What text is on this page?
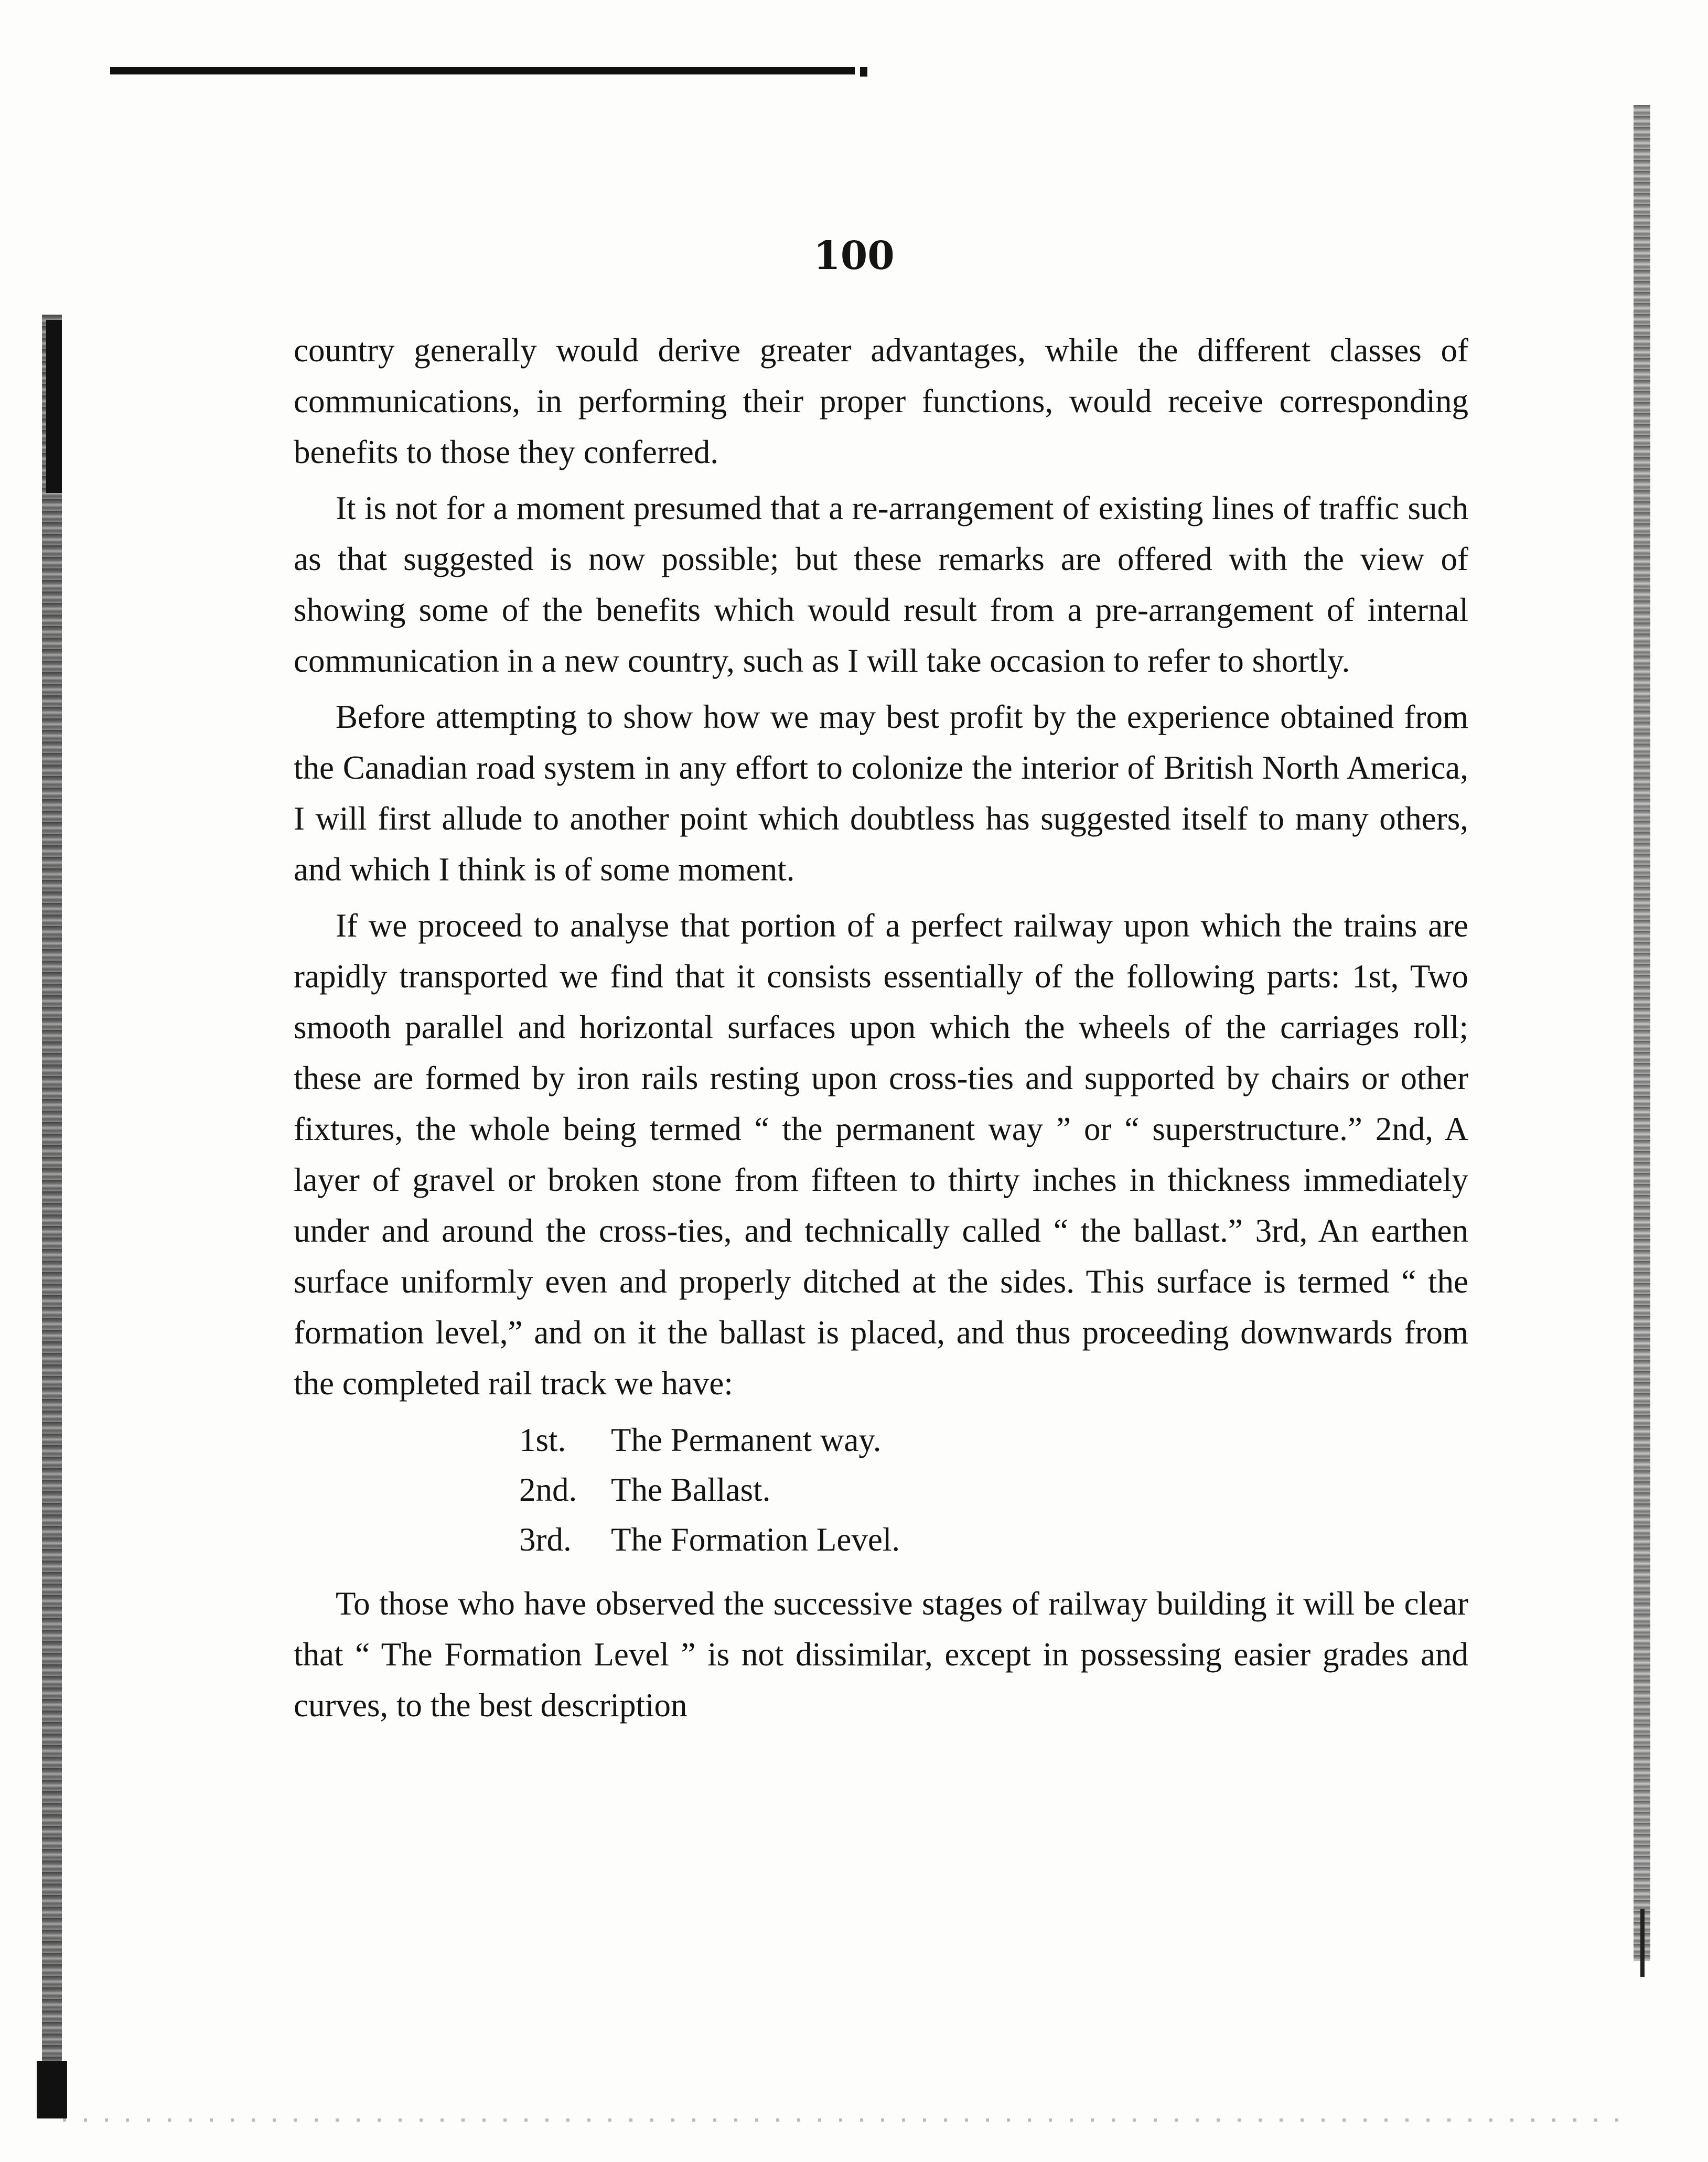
100

country generally would derive greater advantages, while the different classes of communications, in performing their proper functions, would receive corresponding benefits to those they conferred.

It is not for a moment presumed that a re-arrangement of existing lines of traffic such as that suggested is now possible; but these remarks are offered with the view of showing some of the benefits which would result from a pre-arrangement of internal communication in a new country, such as I will take occasion to refer to shortly.

Before attempting to show how we may best profit by the experience obtained from the Canadian road system in any effort to colonize the interior of British North America, I will first allude to another point which doubtless has suggested itself to many others, and which I think is of some moment.

If we proceed to analyse that portion of a perfect railway upon which the trains are rapidly transported we find that it consists essentially of the following parts: 1st, Two smooth parallel and horizontal surfaces upon which the wheels of the carriages roll; these are formed by iron rails resting upon cross-ties and supported by chairs or other fixtures, the whole being termed “ the permanent way ” or “ superstructure.” 2nd, A layer of gravel or broken stone from fifteen to thirty inches in thickness immediately under and around the cross-ties, and technically called “ the ballast.” 3rd, An earthen surface uniformly even and properly ditched at the sides. This surface is termed “ the formation level,” and on it the ballast is placed, and thus proceeding downwards from the completed rail track we have:

1st. The Permanent way.
2nd. The Ballast.
3rd. The Formation Level.

To those who have observed the successive stages of railway building it will be clear that “ The Formation Level ” is not dissimilar, except in possessing easier grades and curves, to the best description
